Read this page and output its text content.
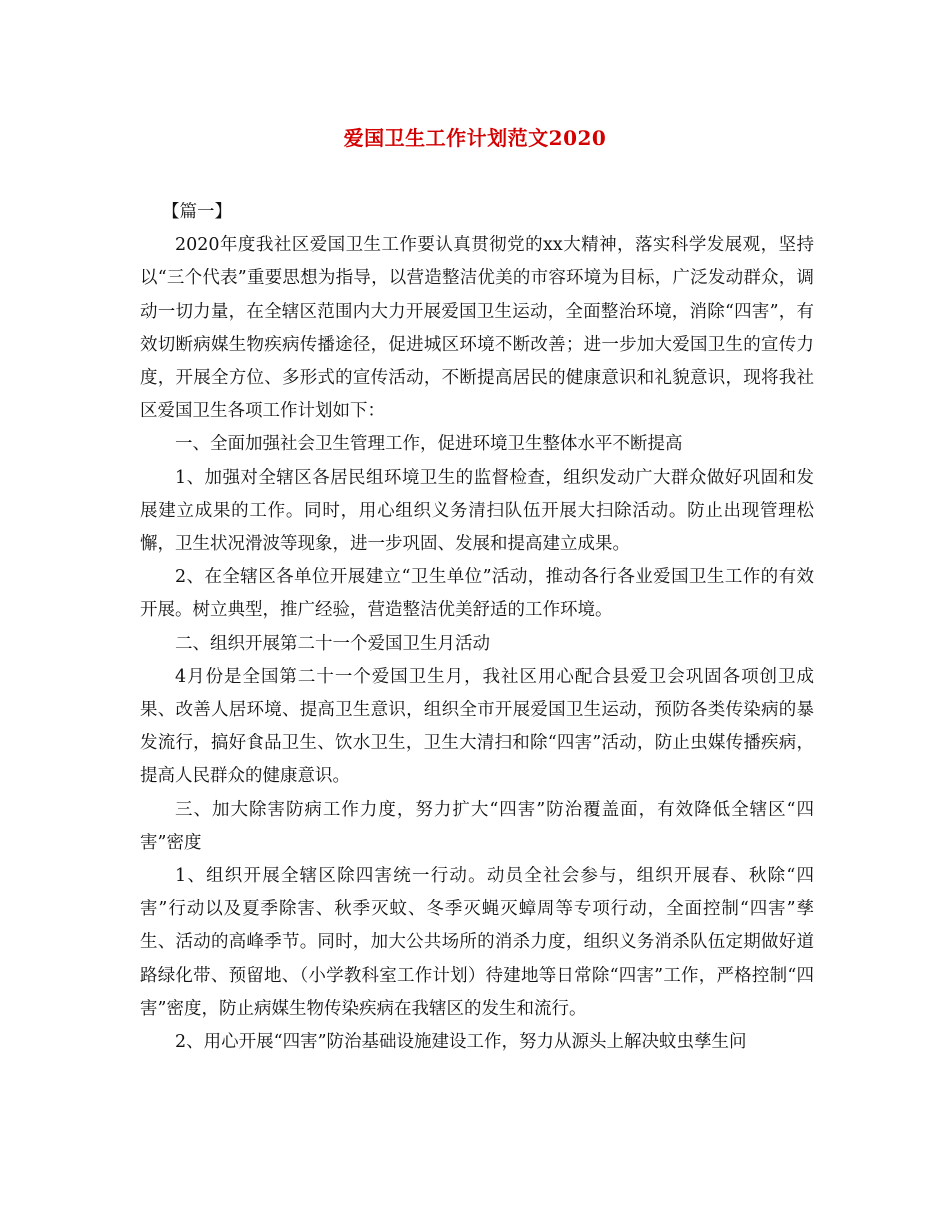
爱国卫生工作计划范文2020

【篇一】

2020年度我社区爱国卫生工作要认真贯彻党的xx大精神，落实科学发展观，坚持以“三个代表”重要思想为指导，以营造整洁优美的市容环境为目标，广泛发动群众，调动一切力量，在全辖区范围内大力开展爱国卫生运动，全面整治环境，消除“四害”，有效切断病媒生物疾病传播途径，促进城区环境不断改善；进一步加大爱国卫生的宣传力度，开展全方位、多形式的宣传活动，不断提高居民的健康意识和礼貌意识，现将我社区爱国卫生各项工作计划如下：

一、全面加强社会卫生管理工作，促进环境卫生整体水平不断提高

1、加强对全辖区各居民组环境卫生的监督检查，组织发动广大群众做好巩固和发展建立成果的工作。同时，用心组织义务清扫队伍开展大扫除活动。防止出现管理松懈，卫生状况滑波等现象，进一步巩固、发展和提高建立成果。

2、在全辖区各单位开展建立“卫生单位”活动，推动各行各业爱国卫生工作的有效开展。树立典型，推广经验，营造整洁优美舒适的工作环境。

二、组织开展第二十一个爱国卫生月活动

4月份是全国第二十一个爱国卫生月，我社区用心配合县爱卫会巩固各项创卫成果、改善人居环境、提高卫生意识，组织全市开展爱国卫生运动，预防各类传染病的暴发流行，搞好食品卫生、饮水卫生，卫生大清扫和除“四害”活动，防止虫媒传播疾病，提高人民群众的健康意识。

三、加大除害防病工作力度，努力扩大“四害”防治覆盖面，有效降低全辖区“四害”密度

1、组织开展全辖区除四害统一行动。动员全社会参与，组织开展春、秋除“四害”行动以及夏季除害、秋季灭蚊、冬季灭蝇灭蟑周等专项行动，全面控制“四害”孳生、活动的高峰季节。同时，加大公共场所的消杀力度，组织义务消杀队伍定期做好道路绿化带、预留地、（小学教科室工作计划）待建地等日常除“四害”工作，严格控制“四害”密度，防止病媒生物传染疾病在我辖区的发生和流行。

2、用心开展“四害”防治基础设施建设工作，努力从源头上解决蚊虫孳生问
